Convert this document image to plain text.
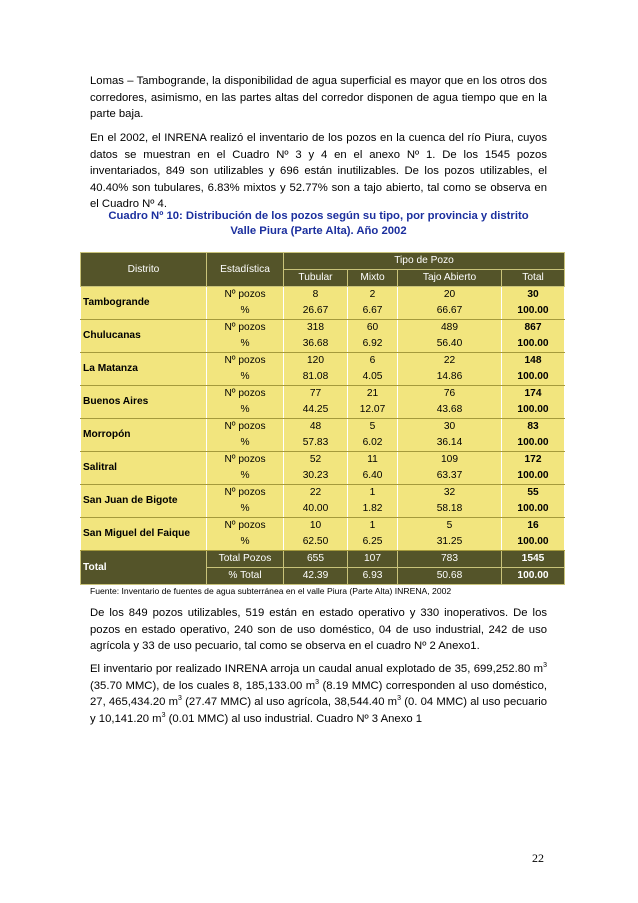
Lomas – Tambogrande, la disponibilidad de agua superficial es mayor que en los otros dos corredores, asimismo, en las partes altas del corredor disponen de agua tiempo que en la parte baja.

En el 2002, el INRENA realizó el inventario de los pozos en la cuenca del río Piura, cuyos datos se muestran en el Cuadro Nº 3 y 4 en el anexo Nº 1. De los 1545 pozos inventariados, 849 son utilizables y 696 están inutilizables. De los pozos utilizables, el 40.40% son tubulares, 6.83% mixtos y 52.77% son a tajo abierto, tal como se observa en el Cuadro Nº 4.

Cuadro Nº 10: Distribución de los pozos según su tipo, por provincia y distrito
Valle Piura (Parte Alta). Año 2002
Distrito	Estadística	Tipo de Pozo			
		Tubular	Mixto	Tajo Abierto	Total
Tambogrande	Nº pozos	8	2	20	30
	%	26.67	6.67	66.67	100.00
Chulucanas	Nº pozos	318	60	489	867
	%	36.68	6.92	56.40	100.00
La Matanza	Nº pozos	120	6	22	148
	%	81.08	4.05	14.86	100.00
Buenos Aires	Nº pozos	77	21	76	174
	%	44.25	12.07	43.68	100.00
Morropón	Nº pozos	48	5	30	83
	%	57.83	6.02	36.14	100.00
Salitral	Nº pozos	52	11	109	172
	%	30.23	6.40	63.37	100.00
San Juan de Bigote	Nº pozos	22	1	32	55
	%	40.00	1.82	58.18	100.00
San Miguel del Faique	Nº pozos	10	1	5	16
	%	62.50	6.25	31.25	100.00
Total	Total Pozos	655	107	783	1545
	% Total	42.39	6.93	50.68	100.00
Fuente: Inventario de fuentes de agua subterránea en el valle Piura (Parte Alta) INRENA, 2002

De los 849 pozos utilizables, 519 están en estado operativo y 330 inoperativos. De los pozos en estado operativo, 240 son de uso doméstico, 04 de uso industrial, 242 de uso agrícola y 33 de uso pecuario, tal como se observa en el cuadro Nº 2 Anexo1.

El inventario por realizado INRENA arroja un caudal anual explotado de 35, 699,252.80 $m^3$ (35.70 MMC), de los cuales 8, 185,133.00 $m^3$ (8.19 MMC) corresponden al uso doméstico, 27, 465,434.20 $m^3$ (27.47 MMC) al uso agrícola, 38,544.40 $m^3$ (0. 04 MMC) al uso pecuario y 10,141.20 $m^3$ (0.01 MMC) al uso industrial. Cuadro Nº 3 Anexo 1

22
